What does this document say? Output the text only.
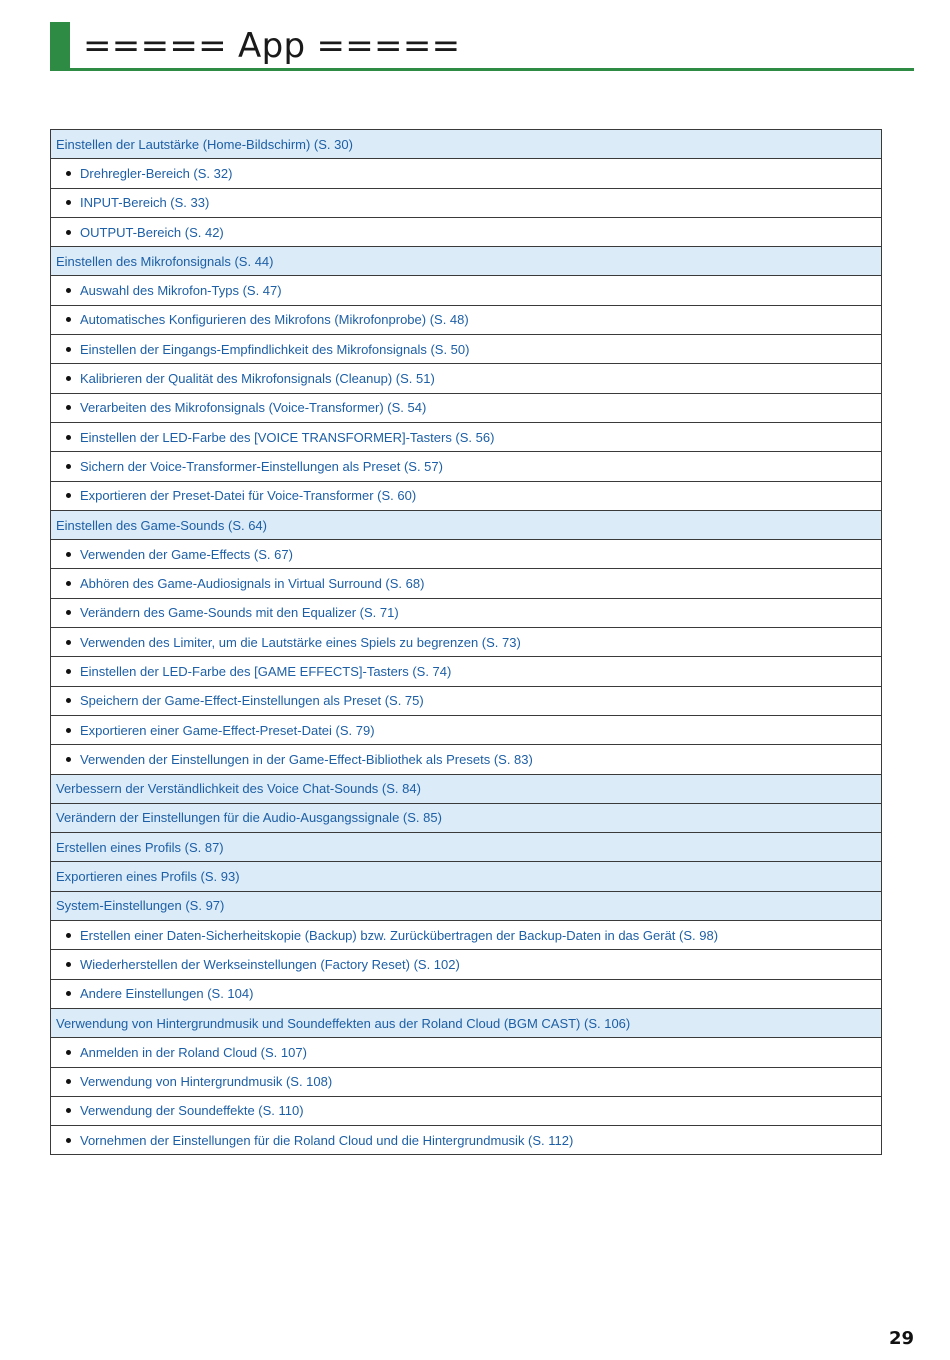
===== App =====
Einstellen der Lautstärke (Home-Bildschirm) (S. 30)
Drehregler-Bereich (S. 32)
INPUT-Bereich (S. 33)
OUTPUT-Bereich (S. 42)
Einstellen des Mikrofonsignals (S. 44)
Auswahl des Mikrofon-Typs (S. 47)
Automatisches Konfigurieren des Mikrofons (Mikrofonprobe) (S. 48)
Einstellen der Eingangs-Empfindlichkeit des Mikrofonsignals (S. 50)
Kalibrieren der Qualität des Mikrofonsignals (Cleanup) (S. 51)
Verarbeiten des Mikrofonsignals (Voice-Transformer) (S. 54)
Einstellen der LED-Farbe des [VOICE TRANSFORMER]-Tasters (S. 56)
Sichern der Voice-Transformer-Einstellungen als Preset (S. 57)
Exportieren der Preset-Datei für Voice-Transformer (S. 60)
Einstellen des Game-Sounds (S. 64)
Verwenden der Game-Effects (S. 67)
Abhören des Game-Audiosignals in Virtual Surround (S. 68)
Verändern des Game-Sounds mit den Equalizer (S. 71)
Verwenden des Limiter, um die Lautstärke eines Spiels zu begrenzen (S. 73)
Einstellen der LED-Farbe des [GAME EFFECTS]-Tasters (S. 74)
Speichern der Game-Effect-Einstellungen als Preset (S. 75)
Exportieren einer Game-Effect-Preset-Datei (S. 79)
Verwenden der Einstellungen in der Game-Effect-Bibliothek als Presets (S. 83)
Verbessern der Verständlichkeit des Voice Chat-Sounds (S. 84)
Verändern der Einstellungen für die Audio-Ausgangssignale (S. 85)
Erstellen eines Profils (S. 87)
Exportieren eines Profils (S. 93)
System-Einstellungen (S. 97)
Erstellen einer Daten-Sicherheitskopie (Backup) bzw. Zurückübertragen der Backup-Daten in das Gerät (S. 98)
Wiederherstellen der Werkseinstellungen (Factory Reset) (S. 102)
Andere Einstellungen (S. 104)
Verwendung von Hintergrundmusik und Soundeffekten aus der Roland Cloud (BGM CAST) (S. 106)
Anmelden in der Roland Cloud (S. 107)
Verwendung von Hintergrundmusik (S. 108)
Verwendung der Soundeffekte (S. 110)
Vornehmen der Einstellungen für die Roland Cloud und die Hintergrundmusik (S. 112)
29
